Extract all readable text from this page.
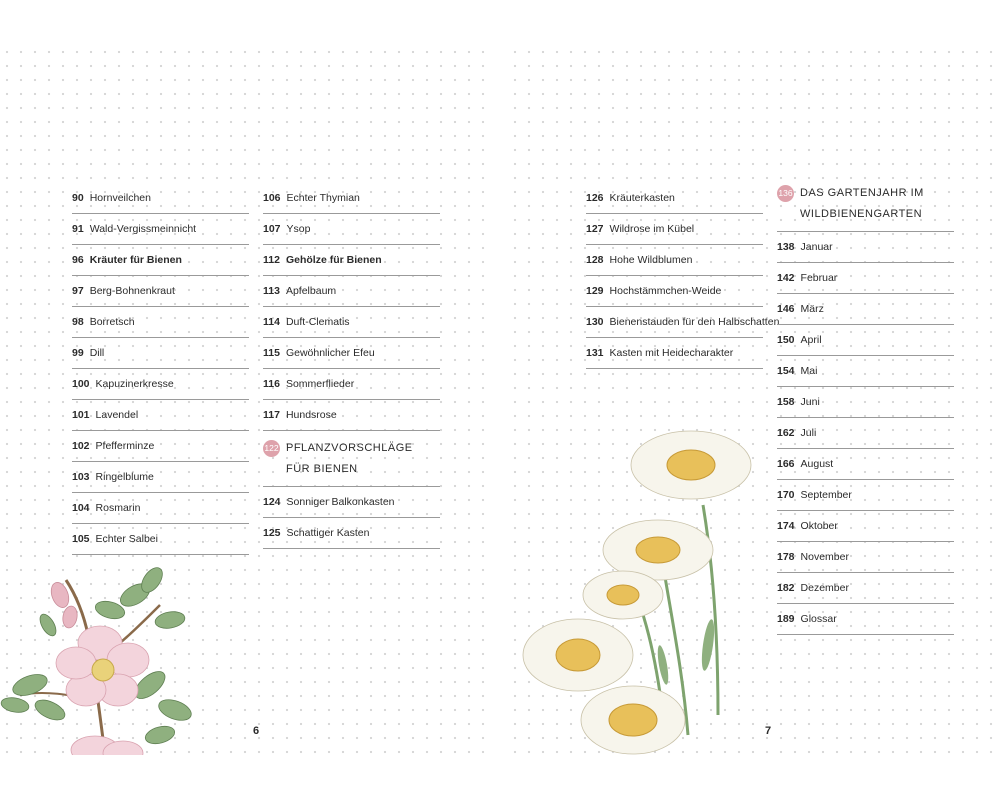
90 Hornveilchen
91 Wald-Vergissmeinnicht
96 Kräuter für Bienen
97 Berg-Bohnenkraut
98 Borretsch
99 Dill
100 Kapuzinerkresse
101 Lavendel
102 Pfefferminze
103 Ringelblume
104 Rosmarin
105 Echter Salbei
106 Echter Thymian
107 Ysop
112 Gehölze für Bienen
113 Apfelbaum
114 Duft-Clematis
115 Gewöhnlicher Efeu
116 Sommerflieder
117 Hundsrose
122 PFLANZVORSCHLÄGE FÜR BIENEN
124 Sonniger Balkonkasten
125 Schattiger Kasten
6
126 Kräuterkasten
127 Wildrose im Kübel
128 Hohe Wildblumen
129 Hochstämmchen-Weide
130 Bienenstauden für den Halbschatten
131 Kasten mit Heidecharakter
136 DAS GARTENJAHR IM WILDBIENENGARTEN
138 Januar
142 Februar
146 März
150 April
154 Mai
158 Juni
162 Juli
166 August
170 September
174 Oktober
178 November
182 Dezember
189 Glossar
7
